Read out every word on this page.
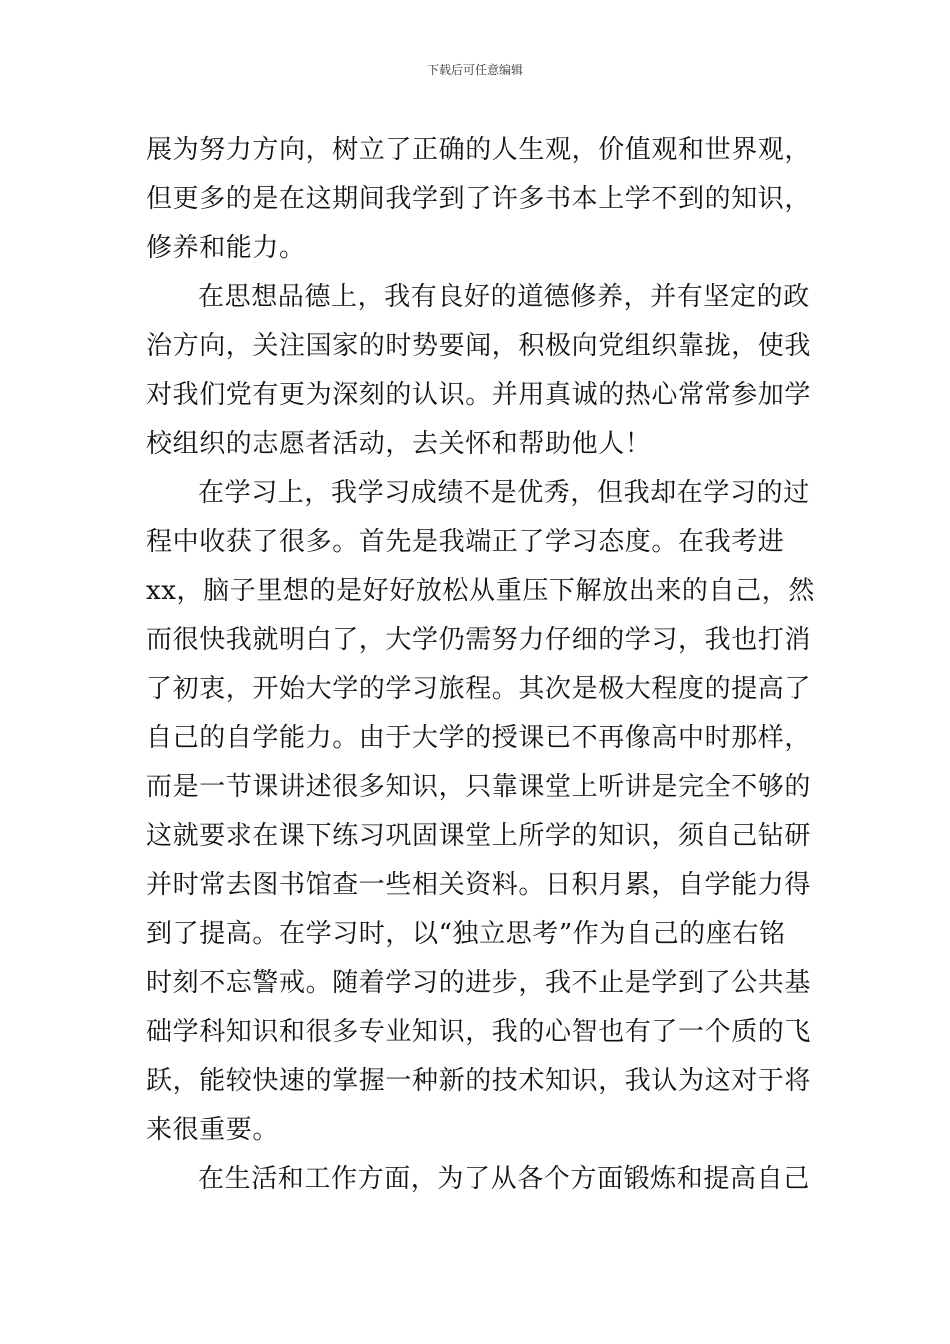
下载后可任意编辑
展为努力方向，树立了正确的人生观，价值观和世界观，
但更多的是在这期间我学到了许多书本上学不到的知识，
修养和能力。
在思想品德上，我有良好的道德修养，并有坚定的政
治方向，关注国家的时势要闻，积极向党组织靠拢，使我
对我们党有更为深刻的认识。并用真诚的热心常常参加学
校组织的志愿者活动，去关怀和帮助他人！
在学习上，我学习成绩不是优秀，但我却在学习的过
程中收获了很多。首先是我端正了学习态度。在我考进
xx，脑子里想的是好好放松从重压下解放出来的自己，然
而很快我就明白了，大学仍需努力仔细的学习，我也打消
了初衷，开始大学的学习旅程。其次是极大程度的提高了
自己的自学能力。由于大学的授课已不再像高中时那样，
而是一节课讲述很多知识，只靠课堂上听讲是完全不够的
这就要求在课下练习巩固课堂上所学的知识，须自己钻研
并时常去图书馆查一些相关资料。日积月累，自学能力得
到了提高。在学习时，以“独立思考”作为自己的座右铭
时刻不忘警戒。随着学习的进步，我不止是学到了公共基
础学科知识和很多专业知识，我的心智也有了一个质的飞
跃，能较快速的掌握一种新的技术知识，我认为这对于将
来很重要。
在生活和工作方面，为了从各个方面锻炼和提高自己
